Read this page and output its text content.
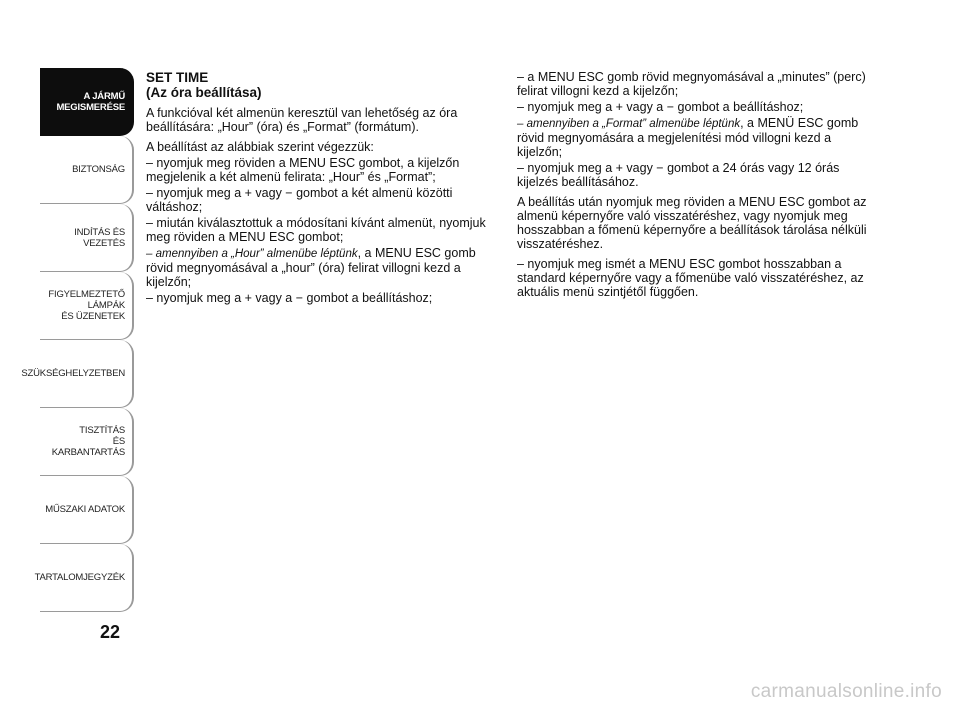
A JÁRMŰ
MEGISMERÉSE
BIZTONSÁG
INDÍTÁS ÉS VEZETÉS
FIGYELMEZTETŐ
LÁMPÁK
ÉS ÜZENETEK
SZÜKSÉGHELYZETBEN
TISZTÍTÁS
ÉS KARBANTARTÁS
MŰSZAKI ADATOK
TARTALOMJEGYZÉK
22

SET TIME

(Az óra beállítása)

A funkcióval két almenün keresztül van lehetőség az óra beállítására: „Hour” (óra) és „Format” (formátum).

A beállítást az alábbiak szerint végezzük:

– nyomjuk meg röviden a MENU ESC gombot, a kijelzőn megjelenik a két almenü felirata: „Hour” és „Format”;

– nyomjuk meg a + vagy − gombot a két almenü közötti váltáshoz;

– miután kiválasztottuk a módosítani kívánt almenüt, nyomjuk meg röviden a MENU ESC gombot;

– amennyiben a „Hour” almenübe léptünk, a MENU ESC gomb rövid megnyomásával a „hour” (óra) felirat villogni kezd a kijelzőn;

– nyomjuk meg a + vagy a − gombot a beállításhoz;

– a MENU ESC gomb rövid megnyomásával a „minutes” (perc) felirat villogni kezd a kijelzőn;

– nyomjuk meg a + vagy a − gombot a beállításhoz;

– amennyiben a „Format” almenübe léptünk, a MENÜ ESC gomb rövid megnyomására a megjelenítési mód villogni kezd a kijelzőn;

– nyomjuk meg a + vagy − gombot a 24 órás vagy 12 órás kijelzés beállításához.

A beállítás után nyomjuk meg röviden a MENU ESC gombot az almenü képernyőre való visszatéréshez, vagy nyomjuk meg hosszabban a főmenü képernyőre a beállítások tárolása nélküli visszatéréshez.

– nyomjuk meg ismét a MENU ESC gombot hosszabban a standard képernyőre vagy a főmenübe való visszatéréshez, az aktuális menü szintjétől függően.

carmanualsonline.info
